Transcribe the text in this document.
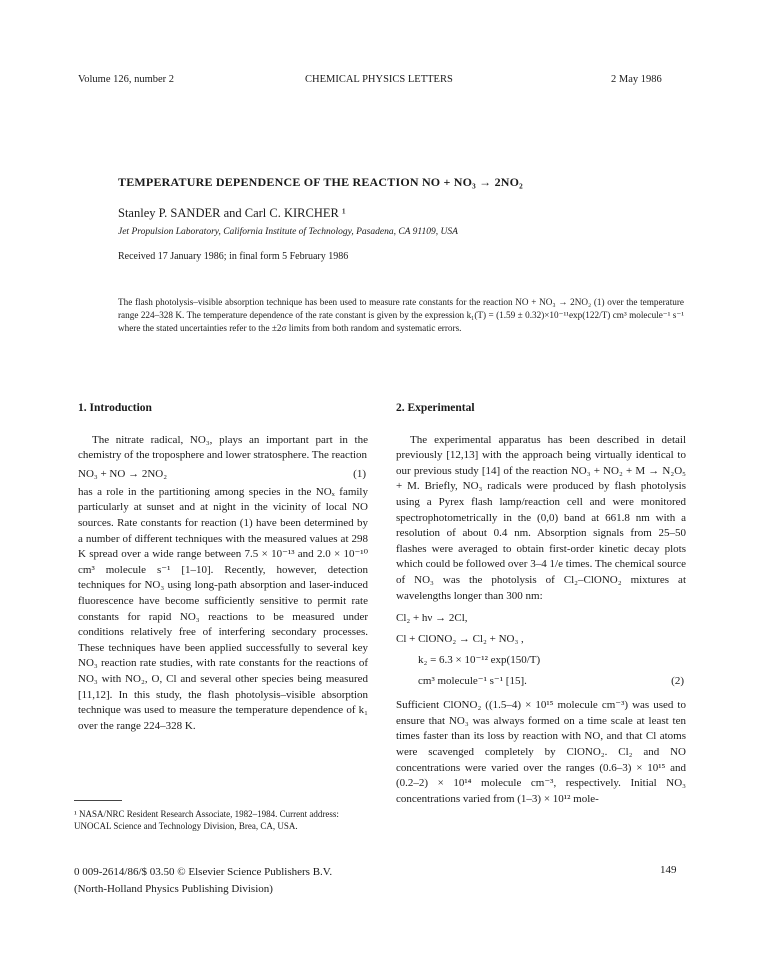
Volume 126, number 2	CHEMICAL PHYSICS LETTERS	2 May 1986
TEMPERATURE DEPENDENCE OF THE REACTION NO + NO₃ → 2NO₂
Stanley P. SANDER and Carl C. KIRCHER ¹
Jet Propulsion Laboratory, California Institute of Technology, Pasadena, CA 91109, USA
Received 17 January 1986; in final form 5 February 1986
The flash photolysis–visible absorption technique has been used to measure rate constants for the reaction NO + NO₃ → 2NO₂ (1) over the temperature range 224–328 K. The temperature dependence of the rate constant is given by the expression k₁(T) = (1.59 ± 0.32)×10⁻¹¹exp(122/T) cm³ molecule⁻¹ s⁻¹ where the stated uncertainties refer to the ±2σ limits from both random and systematic errors.
1. Introduction

The nitrate radical, NO₃, plays an important part in the chemistry of the troposphere and lower stratosphere. The reaction

NO₃ + NO → 2NO₂	(1)

has a role in the partitioning among species in the NOₓ family particularly at sunset and at night in the vicinity of local NO sources. Rate constants for reaction (1) have been determined by a number of different techniques with the measured values at 298 K spread over a wide range between 7.5 × 10⁻¹³ and 2.0 × 10⁻¹⁰ cm³ molecule s⁻¹ [1–10]. Recently, however, detection techniques for NO₃ using long-path absorption and laser-induced fluorescence have become sufficiently sensitive to permit rate constants for rapid NO₃ reactions to be measured under conditions relatively free of interfering secondary processes. These techniques have been applied successfully to several key NO₃ reaction rate studies, with rate constants for the reactions of NO₃ with NO₂, O, Cl and several other species being measured [11,12]. In this study, the flash photolysis–visible absorption technique was used to measure the temperature dependence of k₁ over the range 224–328 K.

2. Experimental

The experimental apparatus has been described in detail previously [12,13] with the approach being virtually identical to our previous study [14] of the reaction NO₃ + NO₂ + M → N₂O₅ + M. Briefly, NO₃ radicals were produced by flash photolysis using a Pyrex flash lamp/reaction cell and were monitored spectrophotometrically in the (0,0) band at 661.8 nm with a resolution of about 0.4 nm. Absorption signals from 25–50 flashes were averaged to obtain first-order kinetic decay plots which could be followed over 3–4 1/e times. The chemical source of NO₃ was the photolysis of Cl₂–ClONO₂ mixtures at wavelengths longer than 300 nm:

Cl₂ + hν → 2Cl,
Cl + ClONO₂ → Cl₂ + NO₃ ,
k₂ = 6.3 × 10⁻¹² exp(150/T)
cm³ molecule⁻¹ s⁻¹ [15].	(2)

Sufficient ClONO₂ ((1.5–4) × 10¹⁵ molecule cm⁻³) was used to ensure that NO₃ was always formed on a time scale at least ten times faster than its loss by reaction with NO, and that Cl atoms were scavenged completely by ClONO₂. Cl₂ and NO concentrations were varied over the ranges (0.6–3) × 10¹⁵ and (0.2–2) × 10¹⁴ molecule cm⁻³, respectively. Initial NO₃ concentrations varied from (1–3) × 10¹² mole-

¹ NASA/NRC Resident Research Associate, 1982–1984. Current address: UNOCAL Science and Technology Division, Brea, CA, USA.
0 009-2614/86/$ 03.50 © Elsevier Science Publishers B.V.
(North-Holland Physics Publishing Division)
149
